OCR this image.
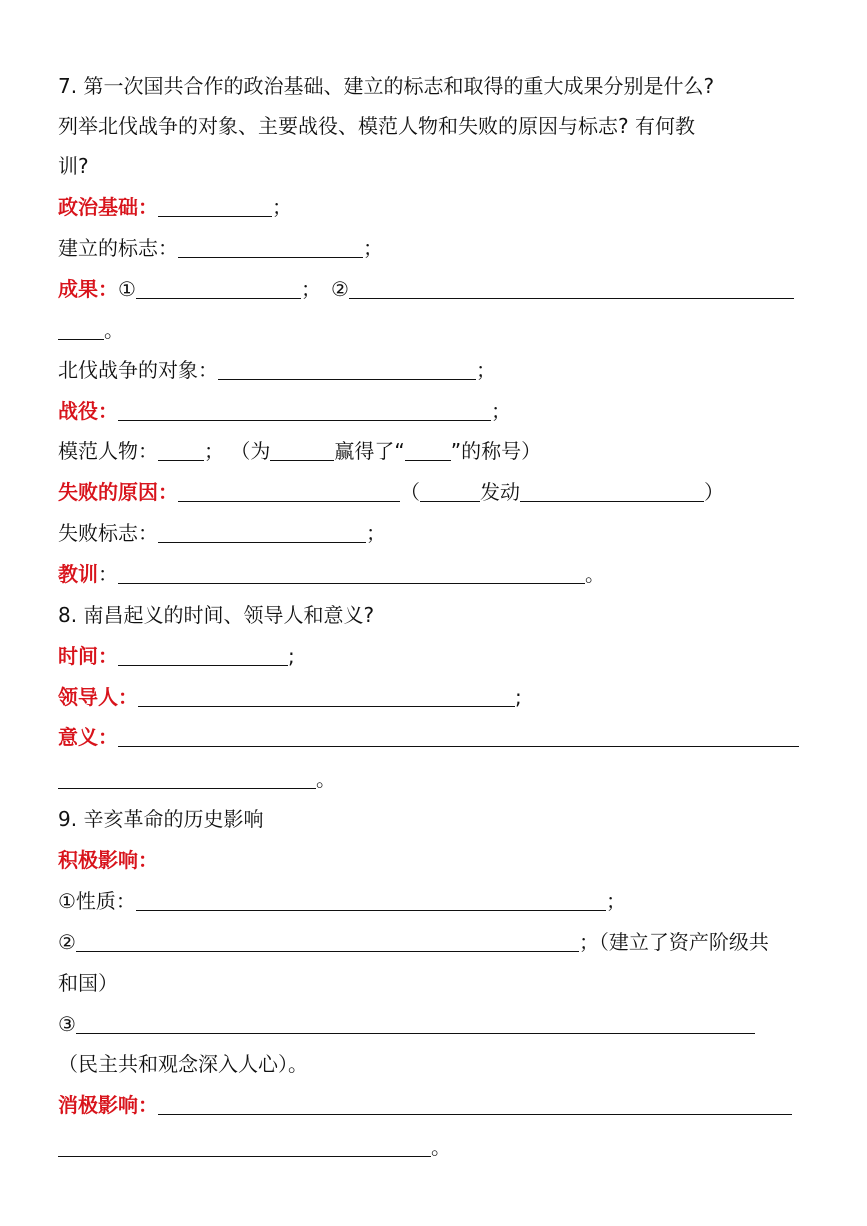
7. 第一次国共合作的政治基础、建立的标志和取得的重大成果分别是什么?
列举北伐战争的对象、主要战役、模范人物和失败的原因与标志? 有何教
训?
政治基础：	；
建立的标志：	；
成果：①	； ②
。
北伐战争的对象：	；
战役：	；
模范人物： ； （为	赢得了“ ”的称号）
失败的原因：	（	发动	）
失败标志：	；
教训：	。
8. 南昌起义的时间、领导人和意义?
时间：	;
领导人：	;
意义：
。
9. 辛亥革命的历史影响
积极影响：
①性质：	；
②	；（建立了资产阶级共
和国）
③
（民主共和观念深入人心）。
消极影响：
。
